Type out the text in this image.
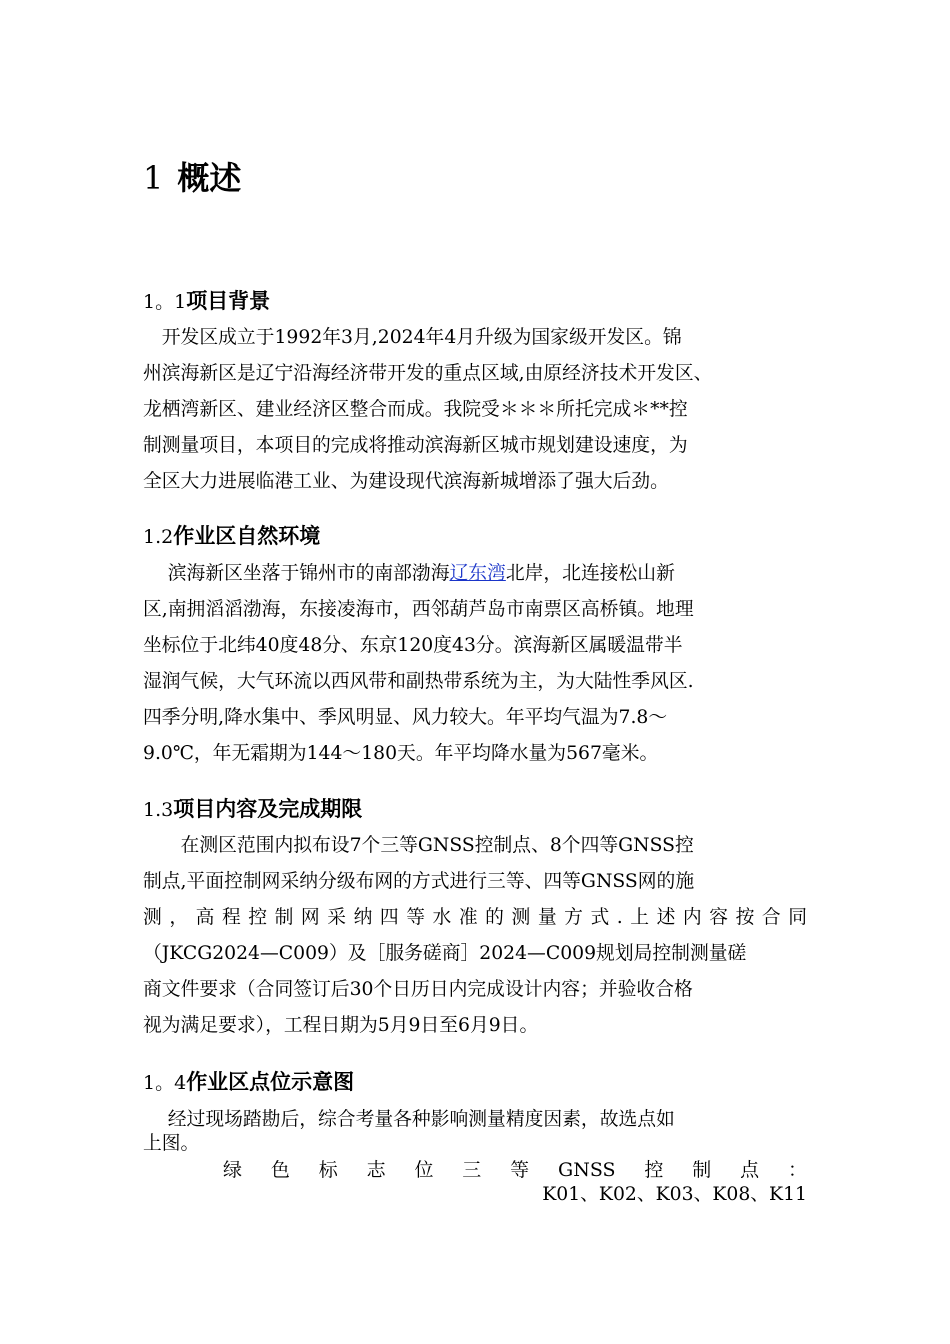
1 概述
1。1项目背景
　开发区成立于1992年3月,2024年4月升级为国家级开发区。锦
州滨海新区是辽宁沿海经济带开发的重点区域,由原经济技术开发区、
龙栖湾新区、建业经济区整合而成。我院受＊＊＊所托完成＊**控
制测量项目，本项目的完成将推动滨海新区城市规划建设速度，为
全区大力进展临港工业、为建设现代滨海新城增添了强大后劲。
1.2作业区自然环境
　 滨海新区坐落于锦州市的南部渤海辽东湾北岸，北连接松山新
区,南拥滔滔渤海，东接凌海市，西邻葫芦岛市南票区高桥镇。地理
坐标位于北纬40度48分、东京120度43分。滨海新区属暖温带半
湿润气候，大气环流以西风带和副热带系统为主，为大陆性季风区.
四季分明,降水集中、季风明显、风力较大。年平均气温为7.8～
9.0℃，年无霜期为144～180天。年平均降水量为567毫米。
1.3项目内容及完成期限
　　在测区范围内拟布设7个三等GNSS控制点、8个四等GNSS控
制点,平面控制网采纳分级布网的方式进行三等、四等GNSS网的施
测，高程控制网采纳四等水准的测量方式.上述内容按合同
（JKCG2024—C009）及［服务磋商］2024—C009规划局控制测量磋
商文件要求（合同签订后30个日历日内完成设计内容；并验收合格
视为满足要求），工程日期为5月9日至6月9日。
1。4作业区点位示意图
　 经过现场踏勘后，综合考量各种影响测量精度因素，故选点如
上图。
绿 色 标 志 位 三 等 GNSS 控 制 点 ：
K01、K02、K03、K08、K11
